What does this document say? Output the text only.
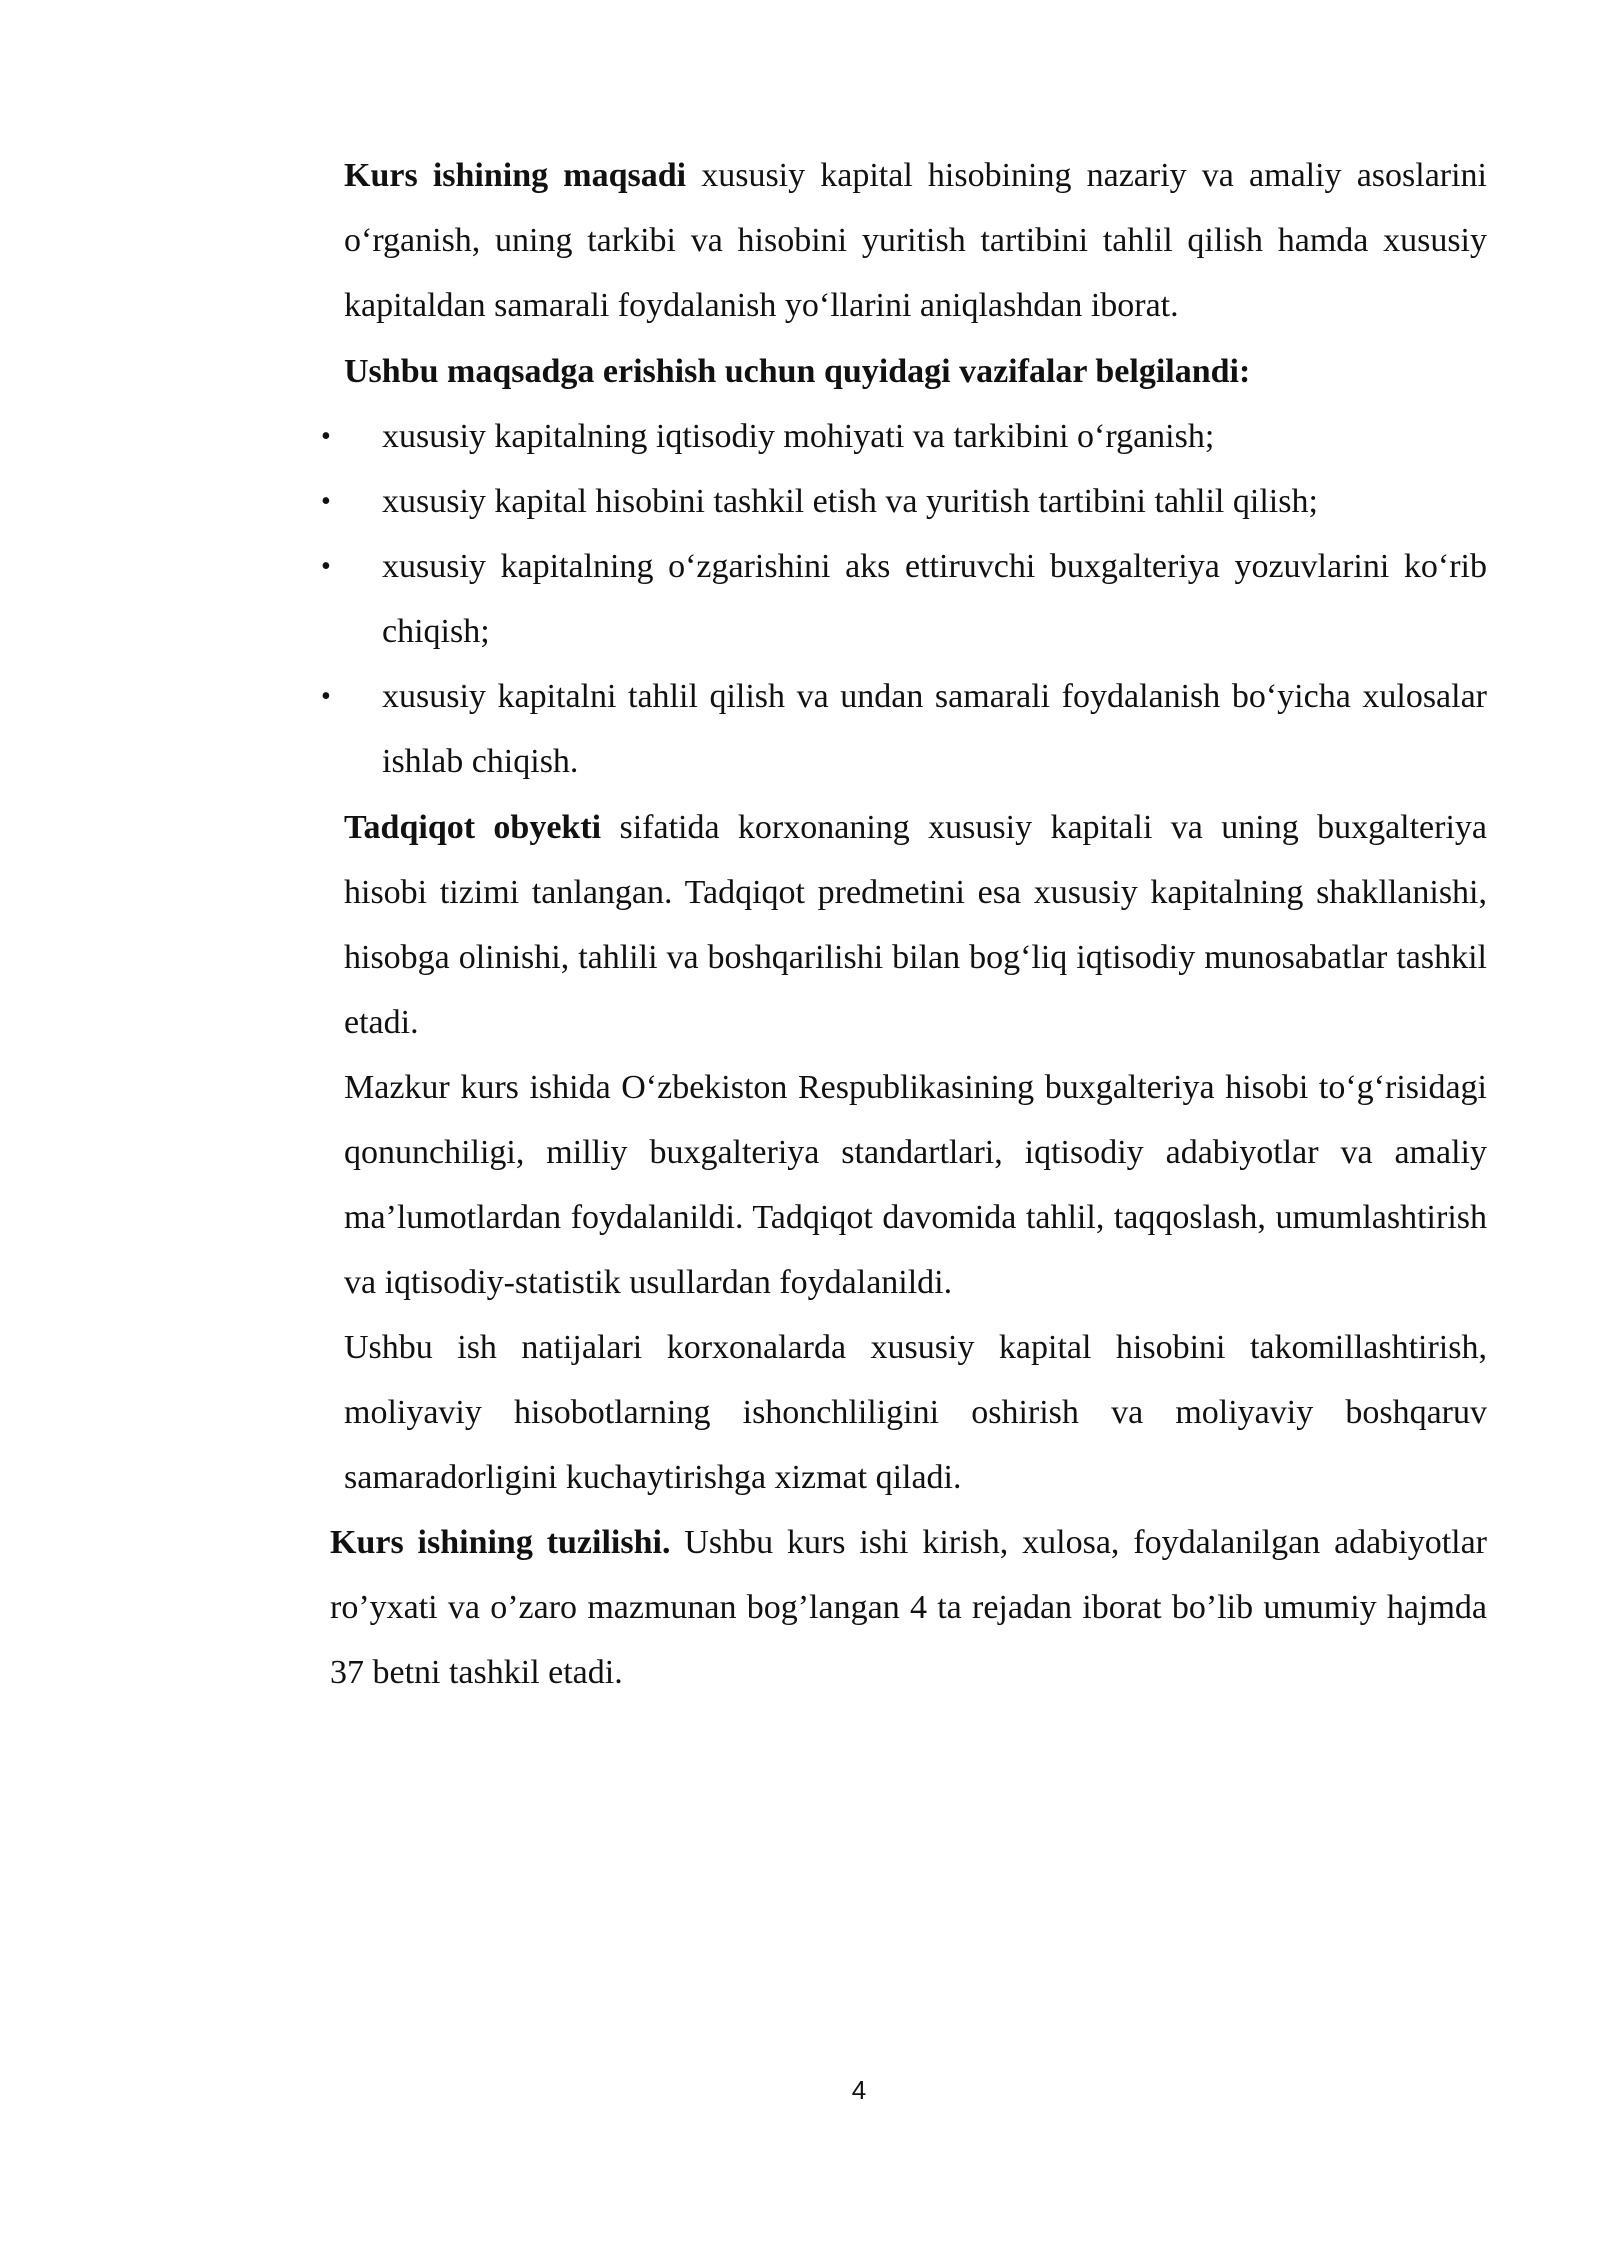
Kurs ishining maqsadi xususiy kapital hisobining nazariy va amaliy asoslarini o‘rganish, uning tarkibi va hisobini yuritish tartibini tahlil qilish hamda xususiy kapitaldan samarali foydalanish yo‘llarini aniqlashdan iborat.

Ushbu maqsadga erishish uchun quyidagi vazifalar belgilandi:

• xususiy kapitalning iqtisodiy mohiyati va tarkibini o‘rganish;

• xususiy kapital hisobini tashkil etish va yuritish tartibini tahlil qilish;

• xususiy kapitalning o‘zgarishini aks ettiruvchi buxgalteriya yozuvlarini ko‘rib chiqish;

• xususiy kapitalni tahlil qilish va undan samarali foydalanish bo‘yicha xulosalar ishlab chiqish.

Tadqiqot obyekti sifatida korxonaning xususiy kapitali va uning buxgalteriya hisobi tizimi tanlangan. Tadqiqot predmetini esa xususiy kapitalning shakllanishi, hisobga olinishi, tahlili va boshqarilishi bilan bog‘liq iqtisodiy munosabatlar tashkil etadi.

Mazkur kurs ishida O‘zbekiston Respublikasining buxgalteriya hisobi to‘g‘risidagi qonunchiligi, milliy buxgalteriya standartlari, iqtisodiy adabiyotlar va amaliy ma’lumotlardan foydalanildi. Tadqiqot davomida tahlil, taqqoslash, umumlashtirish va iqtisodiy-statistik usullardan foydalanildi.

Ushbu ish natijalari korxonalarda xususiy kapital hisobini takomillashtirish, moliyaviy hisobotlarning ishonchliligini oshirish va moliyaviy boshqaruv samaradorligini kuchaytirishga xizmat qiladi.

Kurs ishining tuzilishi. Ushbu kurs ishi kirish, xulosa, foydalanilgan adabiyotlar ro’yxati va o’zaro mazmunan bog’langan 4 ta rejadan iborat bo’lib umumiy hajmda 37 betni tashkil etadi.

4
